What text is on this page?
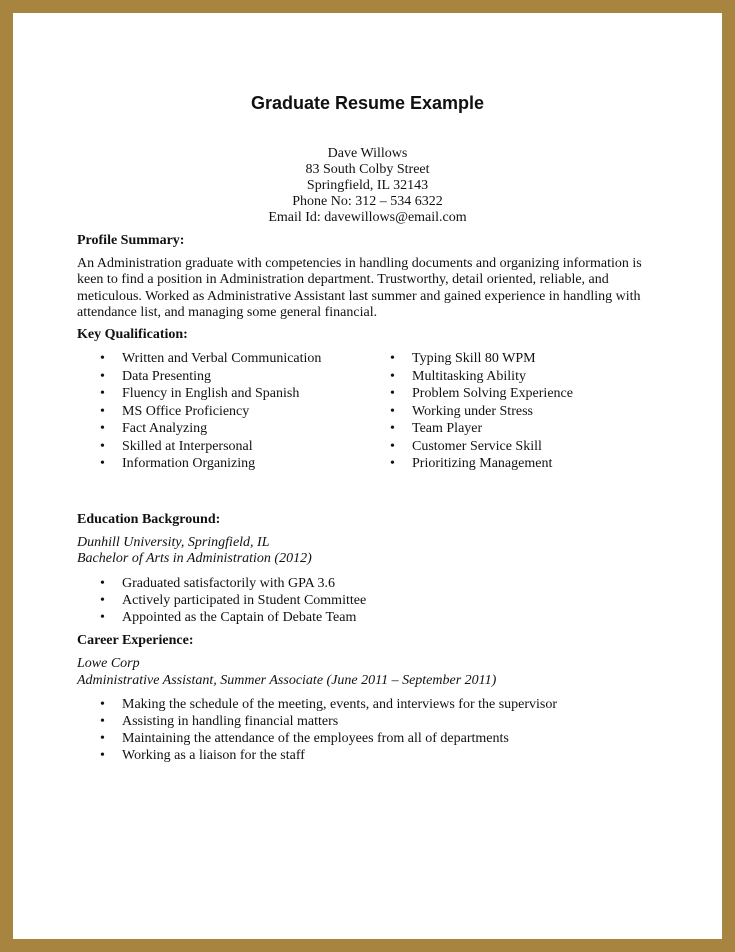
Graduate Resume Example
Dave Willows
83 South Colby Street
Springfield, IL 32143
Phone No: 312 – 534 6322
Email Id: davewillows@email.com
Profile Summary:
An Administration graduate with competencies in handling documents and organizing information is
keen to find a position in Administration department. Trustworthy, detail oriented, reliable, and
meticulous. Worked as Administrative Assistant last summer and gained experience in handling with
attendance list, and managing some general financial.
Key Qualification:
• Written and Verbal Communication
• Data Presenting
• Fluency in English and Spanish
• MS Office Proficiency
• Fact Analyzing
• Skilled at Interpersonal
• Information Organizing
• Typing Skill 80 WPM
• Multitasking Ability
• Problem Solving Experience
• Working under Stress
• Team Player
• Customer Service Skill
• Prioritizing Management
Education Background:
Dunhill University, Springfield, IL
Bachelor of Arts in Administration (2012)
• Graduated satisfactorily with GPA 3.6
• Actively participated in Student Committee
• Appointed as the Captain of Debate Team
Career Experience:
Lowe Corp
Administrative Assistant, Summer Associate (June 2011 – September 2011)
• Making the schedule of the meeting, events, and interviews for the supervisor
• Assisting in handling financial matters
• Maintaining the attendance of the employees from all of departments
• Working as a liaison for the staff
